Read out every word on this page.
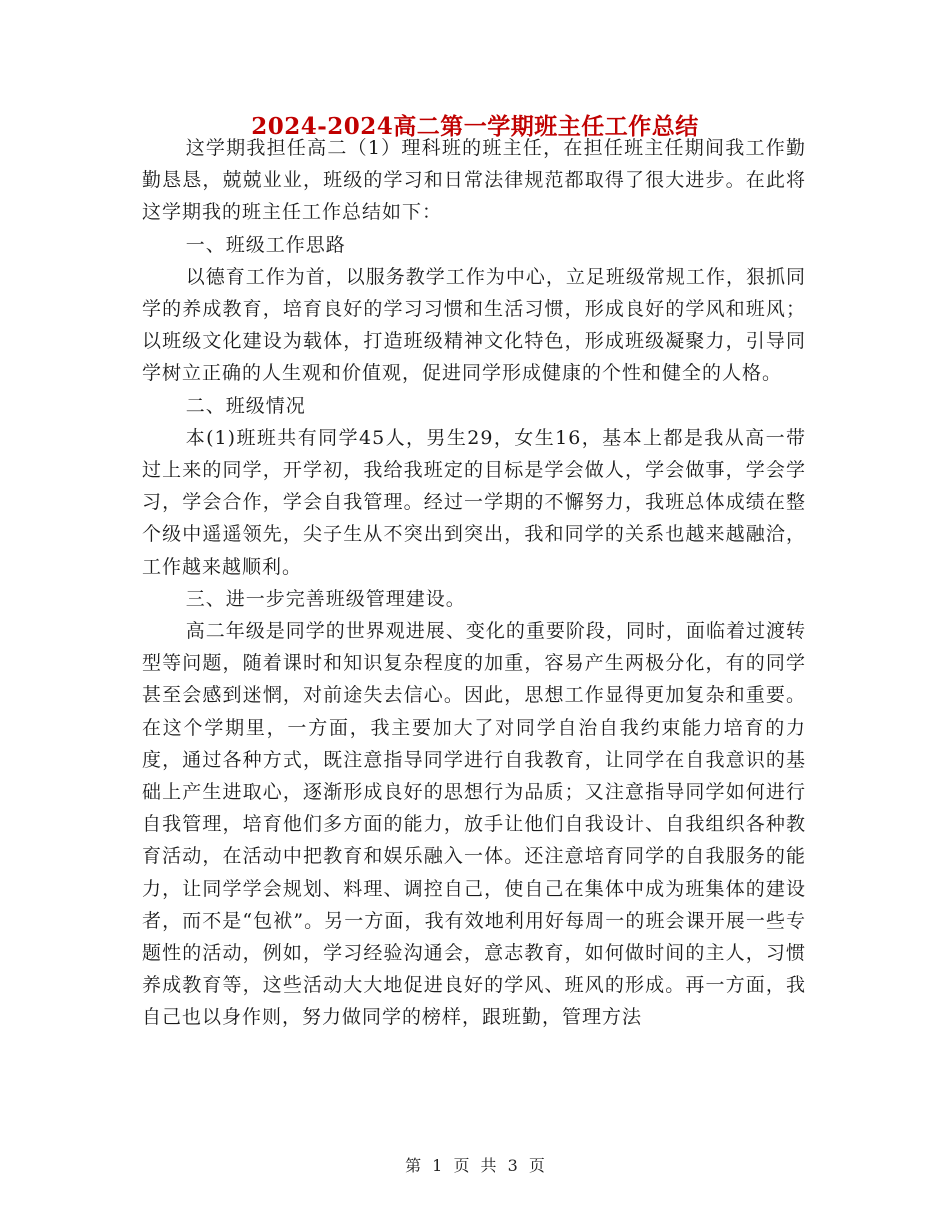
2024-2024高二第一学期班主任工作总结

这学期我担任高二（1）理科班的班主任，在担任班主任期间我工作勤勤恳恳，兢兢业业，班级的学习和日常法律规范都取得了很大进步。在此将这学期我的班主任工作总结如下：

一、班级工作思路

以德育工作为首，以服务教学工作为中心，立足班级常规工作，狠抓同学的养成教育，培育良好的学习习惯和生活习惯，形成良好的学风和班风；以班级文化建设为载体，打造班级精神文化特色，形成班级凝聚力，引导同学树立正确的人生观和价值观，促进同学形成健康的个性和健全的人格。

二、班级情况

本(1)班班共有同学45人，男生29，女生16，基本上都是我从高一带过上来的同学，开学初，我给我班定的目标是学会做人，学会做事，学会学习，学会合作，学会自我管理。经过一学期的不懈努力，我班总体成绩在整个级中遥遥领先，尖子生从不突出到突出，我和同学的关系也越来越融洽，工作越来越顺利。

三、进一步完善班级管理建设。

高二年级是同学的世界观进展、变化的重要阶段，同时，面临着过渡转型等问题，随着课时和知识复杂程度的加重，容易产生两极分化，有的同学甚至会感到迷惘，对前途失去信心。因此，思想工作显得更加复杂和重要。在这个学期里，一方面，我主要加大了对同学自治自我约束能力培育的力度，通过各种方式，既注意指导同学进行自我教育，让同学在自我意识的基础上产生进取心，逐渐形成良好的思想行为品质；又注意指导同学如何进行自我管理，培育他们多方面的能力，放手让他们自我设计、自我组织各种教育活动，在活动中把教育和娱乐融入一体。还注意培育同学的自我服务的能力，让同学学会规划、料理、调控自己，使自己在集体中成为班集体的建设者，而不是“包袱”。另一方面，我有效地利用好每周一的班会课开展一些专题性的活动，例如，学习经验沟通会，意志教育，如何做时间的主人，习惯养成教育等，这些活动大大地促进良好的学风、班风的形成。再一方面，我自己也以身作则，努力做同学的榜样，跟班勤，管理方法

第 1 页 共 3 页
